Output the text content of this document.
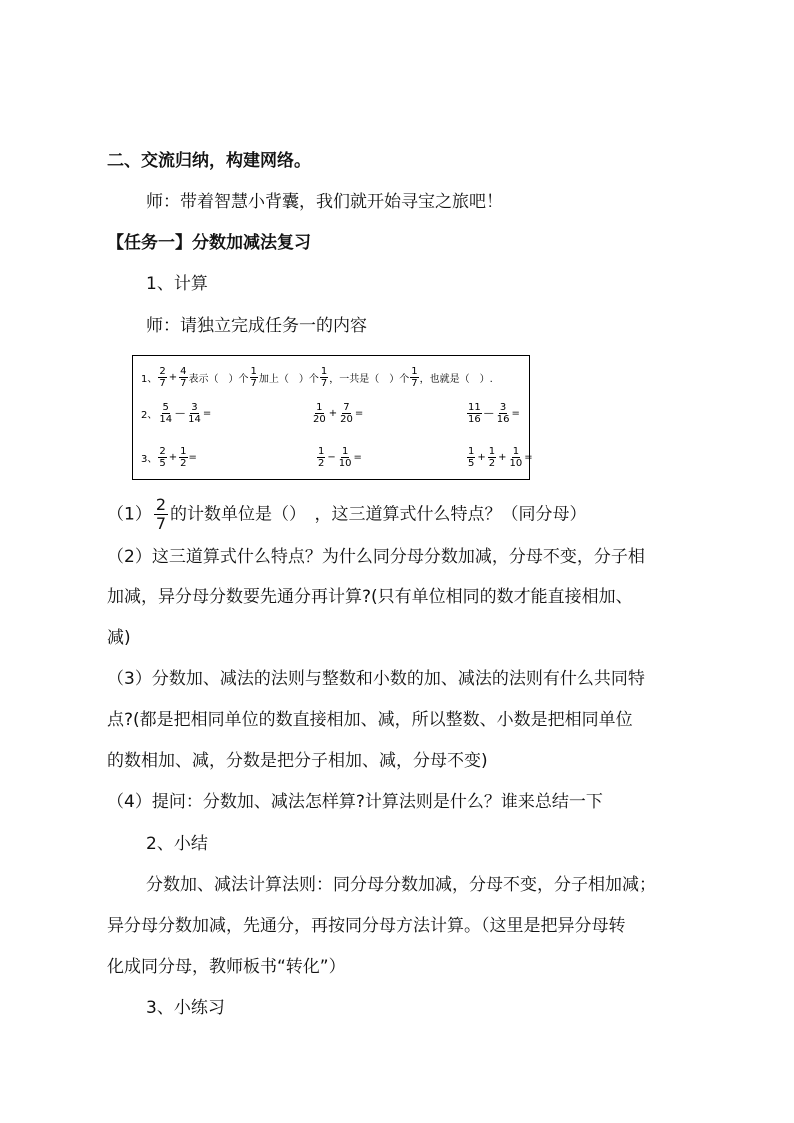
二、交流归纳，构建网络。
师：带着智慧小背囊，我们就开始寻宝之旅吧！
【任务一】分数加减法复习
1、计算
师：请独立完成任务一的内容
1、 $\frac{2}{7} + \frac{4}{7}$ 表示（　）个 $\frac{1}{7}$ 加上（　）个 $\frac{1}{7}$ ，一共是（　）个 $\frac{1}{7}$ ，也就是（　）.
2、 $\frac{5}{14}$ — $\frac{3}{14}$ =	$\frac{1}{20} + \frac{7}{20}$ =	$\frac{11}{16}$ — $\frac{3}{16}$ =
3、 $\frac{2}{5} + \frac{1}{2}$ =	$\frac{1}{2} - \frac{1}{10}$ =	$\frac{1}{5} + \frac{1}{2} + \frac{1}{10}$ =
$(1) \frac{2}{7}$ 的计数单位是（）　，这三道算式什么特点？（同分母）
（2）这三道算式什么特点？为什么同分母分数加减，分母不变，分子相
加减，异分母分数要先通分再计算?(只有单位相同的数才能直接相加、
减)
（3）分数加、减法的法则与整数和小数的加、减法的法则有什么共同特
点?(都是把相同单位的数直接相加、减，所以整数、小数是把相同单位
的数相加、减，分数是把分子相加、减，分母不变)
（4）提问：分数加、减法怎样算?计算法则是什么？谁来总结一下
2、小结
分数加、减法计算法则：同分母分数加减，分母不变，分子相加减；
异分母分数加减，先通分，再按同分母方法计算。（这里是把异分母转
化成同分母，教师板书“转化”）
3、小练习
